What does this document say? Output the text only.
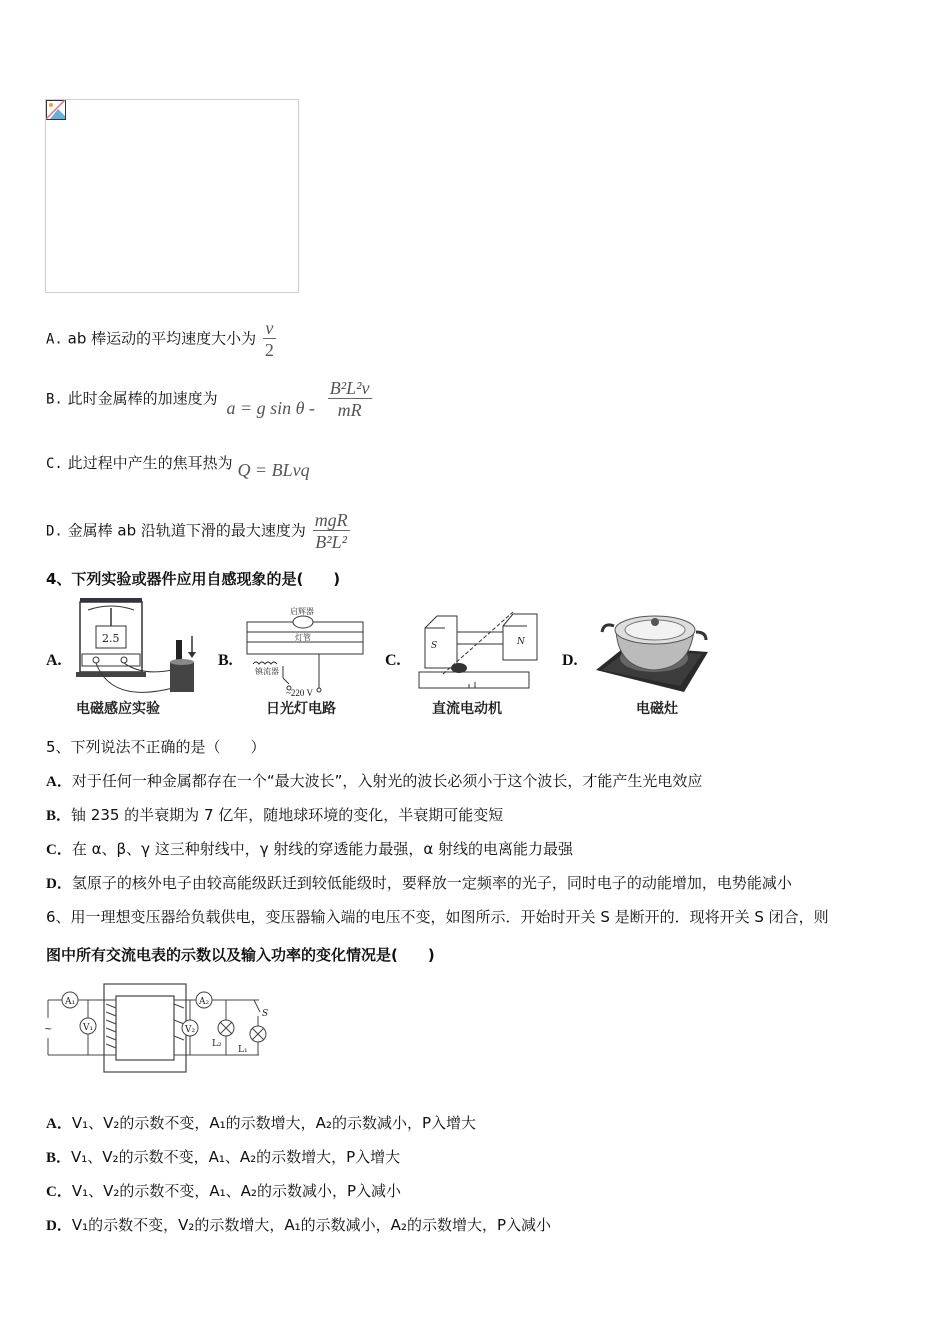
A. ab 棒运动的平均速度大小为 $\frac{v}{2}$
B. 此时金属棒的加速度为 a = g sin θ - $\frac{\text{B²L²v}}{mR}$
C. 此过程中产生的焦耳热为 Q = BLvq
D. 金属棒 ab 沿轨道下滑的最大速度为 $\frac{\text{mgR}}{\text{B²L²}}$
4、下列实验或器件应用自感现象的是(　　)
A.
2.5
电磁感应实验
B.
启辉器
灯管
镇流器
~220 V
日光灯电路
C.
S	N
直流电动机
D.
电磁灶
5、下列说法不正确的是（　　）
A．对于任何一种金属都存在一个“最大波长”，入射光的波长必须小于这个波长，才能产生光电效应
B．铀 235 的半衰期为 7 亿年，随地球环境的变化，半衰期可能变短
C．在 α、β、γ 这三种射线中，γ 射线的穿透能力最强，α 射线的电离能力最强
D．氢原子的核外电子由较高能级跃迁到较低能级时，要释放一定频率的光子，同时电子的动能增加，电势能减小
6、用一理想变压器给负载供电，变压器输入端的电压不变，如图所示．开始时开关 S 是断开的．现将开关 S 闭合，则
图中所有交流电表的示数以及输入功率的变化情况是(　　)
A₁
~	V₁
A₂
V₂
L₂
S
L₁
A．V₁、V₂的示数不变，A₁的示数增大，A₂的示数减小，P入增大
B．V₁、V₂的示数不变，A₁、A₂的示数增大，P入增大
C．V₁、V₂的示数不变，A₁、A₂的示数减小，P入减小
D．V₁的示数不变，V₂的示数增大，A₁的示数减小，A₂的示数增大，P入减小
